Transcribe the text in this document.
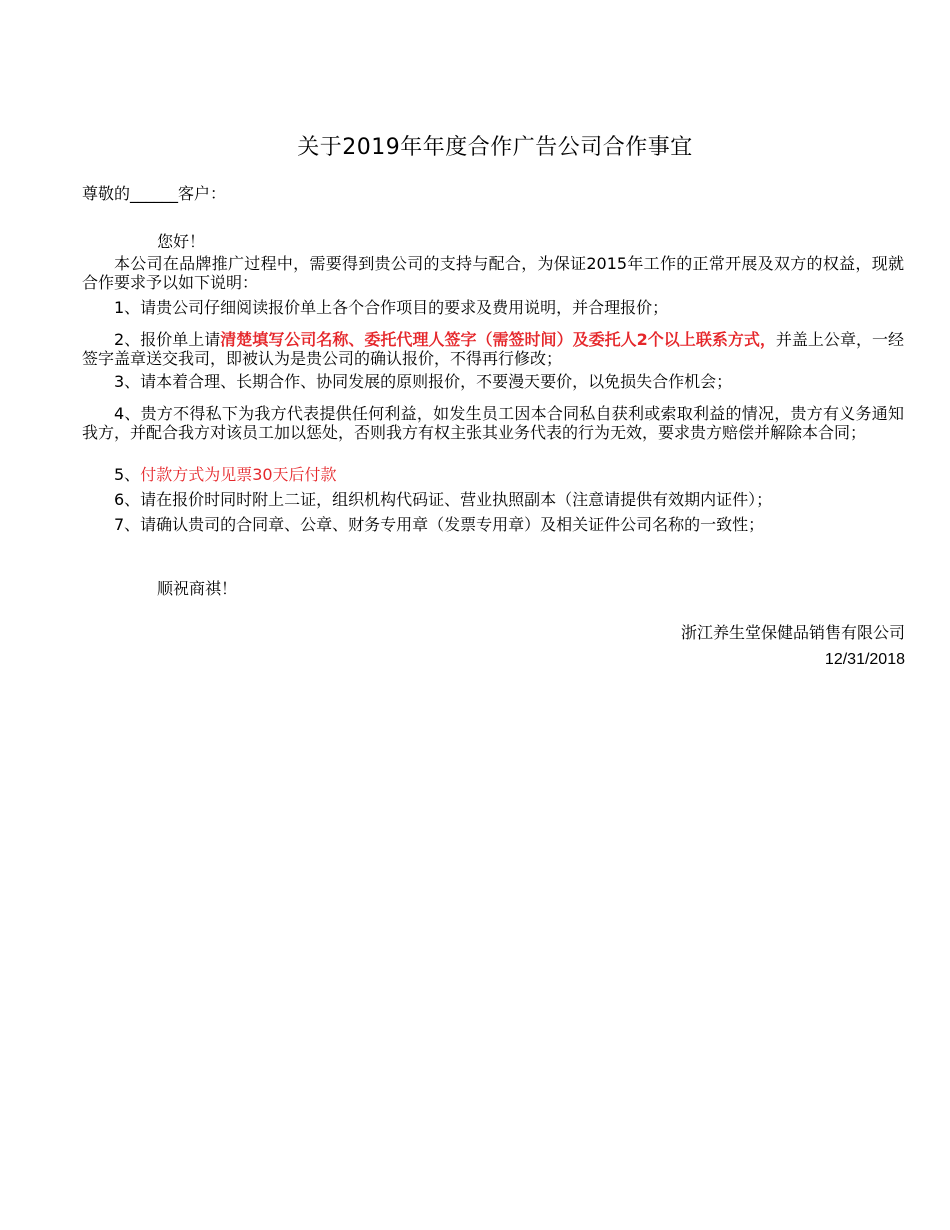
关于2019年年度合作广告公司合作事宜
尊敬的______客户：
您好！
本公司在品牌推广过程中，需要得到贵公司的支持与配合，为保证2015年工作的正常开展及双方的权益，现就合作要求予以如下说明：
1、请贵公司仔细阅读报价单上各个合作项目的要求及费用说明，并合理报价；
2、报价单上请清楚填写公司名称、委托代理人签字（需签时间）及委托人2个以上联系方式，并盖上公章，一经签字盖章送交我司，即被认为是贵公司的确认报价，不得再行修改；
3、请本着合理、长期合作、协同发展的原则报价，不要漫天要价，以免损失合作机会；
4、贵方不得私下为我方代表提供任何利益，如发生员工因本合同私自获利或索取利益的情况，贵方有义务通知我方，并配合我方对该员工加以惩处，否则我方有权主张其业务代表的行为无效，要求贵方赔偿并解除本合同；
5、付款方式为见票30天后付款
6、请在报价时同时附上二证，组织机构代码证、营业执照副本（注意请提供有效期内证件）；
7、请确认贵司的合同章、公章、财务专用章（发票专用章）及相关证件公司名称的一致性；
顺祝商祺！
浙江养生堂保健品销售有限公司
12/31/2018
